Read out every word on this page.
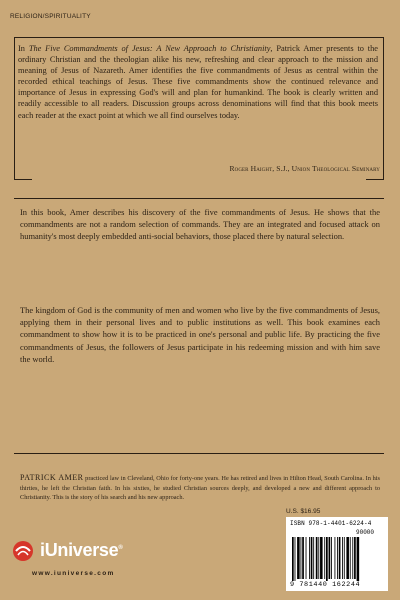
RELIGION/SPIRITUALITY
In The Five Commandments of Jesus: A New Approach to Christianity, Patrick Amer presents to the ordinary Christian and the theologian alike his new, refreshing and clear approach to the mission and meaning of Jesus of Nazareth. Amer identifies the five commandments of Jesus as central within the recorded ethical teachings of Jesus. These five commandments show the continued relevance and importance of Jesus in expressing God's will and plan for humankind. The book is clearly written and readily accessible to all readers. Discussion groups across denominations will find that this book meets each reader at the exact point at which we all find ourselves today.
Roger Haight, S.J., Union Theological Seminary

In this book, Amer describes his discovery of the five commandments of Jesus. He shows that the commandments are not a random selection of commands. They are an integrated and focused attack on humanity's most deeply embedded anti-social behaviors, those placed there by natural selection.

The kingdom of God is the community of men and women who live by the five commandments of Jesus, applying them in their personal lives and to public institutions as well. This book examines each commandment to show how it is to be practiced in one's personal and public life. By practicing the five commandments of Jesus, the followers of Jesus participate in his redeeming mission and with him save the world.

PATRICK AMER practiced law in Cleveland, Ohio for forty-one years. He has retired and lives in Hilton Head, South Carolina. In his thirties, he left the Christian faith. In his sixties, he studied Christian sources deeply, and developed a new and different approach to Christianity. This is the story of his search and his new approach.
iUniverse®
www.iuniverse.com
U.S. $16.95
ISBN 978-1-4401-6224-4
90000
9 781440 162244
